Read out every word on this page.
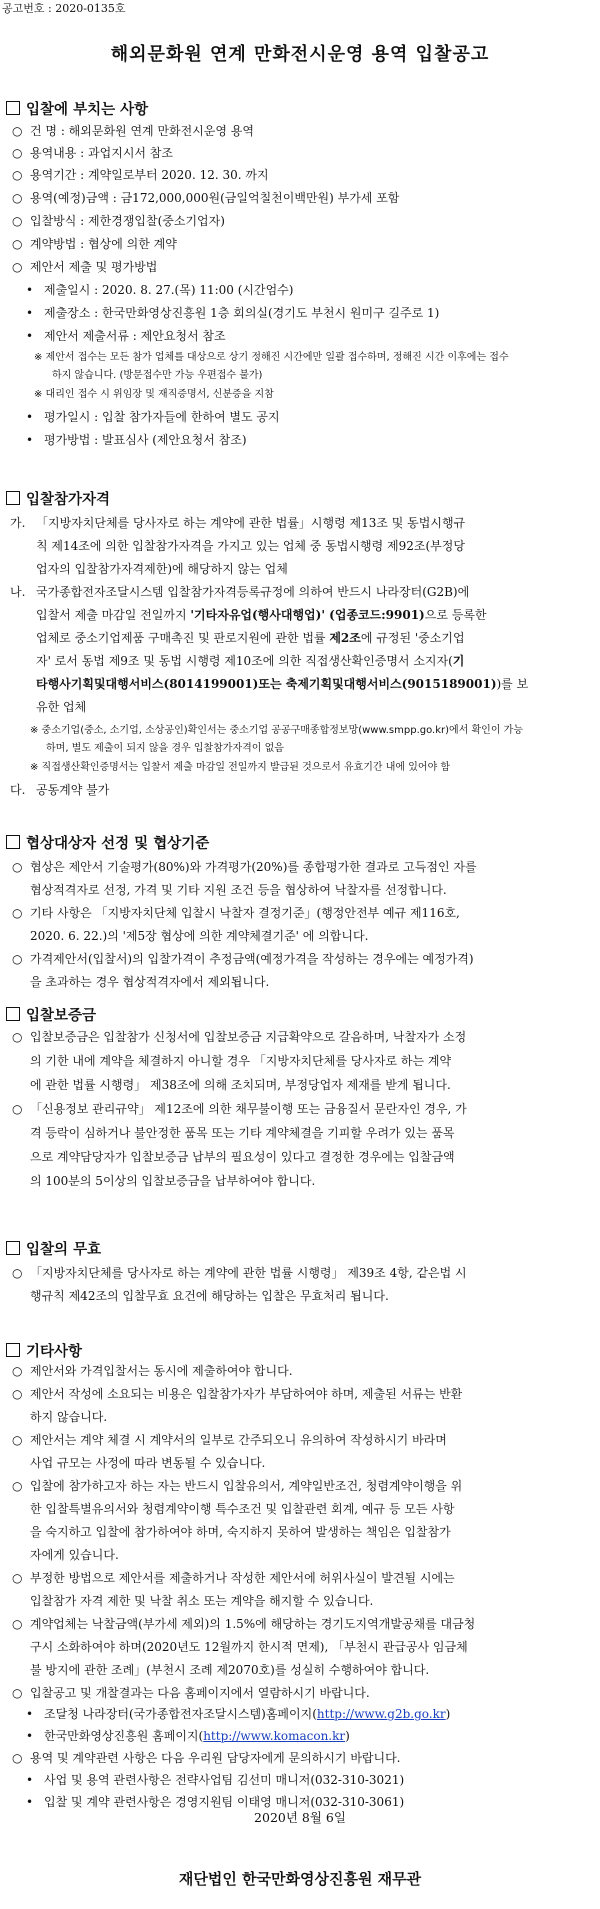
공고번호 : 2020-0135호
해외문화원 연계 만화전시운영 용역 입찰공고
입찰에 부치는 사항
○ 건 명 : 해외문화원 연계 만화전시운영 용역
○ 용역내용 : 과업지시서 참조
○ 용역기간 : 계약일로부터 2020. 12. 30. 까지
○ 용역(예정)금액 : 금172,000,000원(금일억칠천이백만원) 부가세 포함
○ 입찰방식 : 제한경쟁입찰(중소기업자)
○ 계약방법 : 협상에 의한 계약
○ 제안서 제출 및 평가방법
• 제출일시 : 2020. 8. 27.(목) 11:00 (시간엄수)
• 제출장소 : 한국만화영상진흥원 1층 회의실(경기도 부천시 원미구 길주로 1)
• 제안서 제출서류 : 제안요청서 참조
※ 제안서 접수는 모든 참가 업체를 대상으로 상기 정해진 시간에만 일괄 접수하며, 정해진 시간 이후에는 접수
하지 않습니다. (방문접수만 가능 우편접수 불가)
※ 대리인 접수 시 위임장 및 재직증명서, 신분증을 지참
• 평가일시 : 입찰 참가자들에 한하여 별도 공지
• 평가방법 : 발표심사 (제안요청서 참조)
입찰참가자격
가. 「지방자치단체를 당사자로 하는 계약에 관한 법률」시행령 제13조 및 동법시행규
칙 제14조에 의한 입찰참가자격을 가지고 있는 업체 중 동법시행령 제92조(부정당
업자의 입찰참가자격제한)에 해당하지 않는 업체
나. 국가종합전자조달시스템 입찰참가자격등록규정에 의하여 반드시 나라장터(G2B)에
입찰서 제출 마감일 전일까지 '기타자유업(행사대행업)' (업종코드:9901)으로 등록한
업체로 중소기업제품 구매촉진 및 판로지원에 관한 법률 제2조에 규정된 '중소기업
자' 로서 동법 제9조 및 동법 시행령 제10조에 의한 직접생산확인증명서 소지자(기
타행사기획및대행서비스(8014199001)또는 축제기획및대행서비스(9015189001))를 보
유한 업체
※ 중소기업(중소, 소기업, 소상공인)확인서는 중소기업 공공구매종합정보망(www.smpp.go.kr)에서 확인이 가능
하며, 별도 제출이 되지 않을 경우 입찰참가자격이 없음
※ 직접생산확인증명서는 입찰서 제출 마감일 전일까지 발급된 것으로서 유효기간 내에 있어야 함
다. 공동계약 불가
협상대상자 선정 및 협상기준
○ 협상은 제안서 기술평가(80%)와 가격평가(20%)를 종합평가한 결과로 고득점인 자를
협상적격자로 선정, 가격 및 기타 지원 조건 등을 협상하여 낙찰자를 선정합니다.
○ 기타 사항은 「지방자치단체 입찰시 낙찰자 결정기준」(행정안전부 예규 제116호,
2020. 6. 22.)의 '제5장 협상에 의한 계약체결기준' 에 의합니다.
○ 가격제안서(입찰서)의 입찰가격이 추정금액(예정가격을 작성하는 경우에는 예정가격)
을 초과하는 경우 협상적격자에서 제외됩니다.
입찰보증금
○ 입찰보증금은 입찰참가 신청서에 입찰보증금 지급확약으로 갈음하며, 낙찰자가 소정
의 기한 내에 계약을 체결하지 아니할 경우 「지방자치단체를 당사자로 하는 계약
에 관한 법률 시행령」 제38조에 의해 조치되며, 부정당업자 제재를 받게 됩니다.
○ 「신용정보 관리규약」 제12조에 의한 채무불이행 또는 금융질서 문란자인 경우, 가
격 등락이 심하거나 불안정한 품목 또는 기타 계약체결을 기피할 우려가 있는 품목
으로 계약담당자가 입찰보증금 납부의 필요성이 있다고 결정한 경우에는 입찰금액
의 100분의 5이상의 입찰보증금을 납부하여야 합니다.
입찰의 무효
○ 「지방자치단체를 당사자로 하는 계약에 관한 법률 시행령」 제39조 4항, 같은법 시
행규칙 제42조의 입찰무효 요건에 해당하는 입찰은 무효처리 됩니다.
기타사항
○ 제안서와 가격입찰서는 동시에 제출하여야 합니다.
○ 제안서 작성에 소요되는 비용은 입찰참가자가 부담하여야 하며, 제출된 서류는 반환
하지 않습니다.
○ 제안서는 계약 체결 시 계약서의 일부로 간주되오니 유의하여 작성하시기 바라며
사업 규모는 사정에 따라 변동될 수 있습니다.
○ 입찰에 참가하고자 하는 자는 반드시 입찰유의서, 계약일반조건, 청렴계약이행을 위
한 입찰특별유의서와 청렴계약이행 특수조건 및 입찰관련 회계, 예규 등 모든 사항
을 숙지하고 입찰에 참가하여야 하며, 숙지하지 못하여 발생하는 책임은 입찰참가
자에게 있습니다.
○ 부정한 방법으로 제안서를 제출하거나 작성한 제안서에 허위사실이 발견될 시에는
입찰참가 자격 제한 및 낙찰 취소 또는 계약을 해지할 수 있습니다.
○ 계약업체는 낙찰금액(부가세 제외)의 1.5%에 해당하는 경기도지역개발공채를 대금청
구시 소화하여야 하며(2020년도 12월까지 한시적 면제), 「부천시 관급공사 임금체
불 방지에 관한 조례」(부천시 조례 제2070호)를 성실히 수행하여야 합니다.
○ 입찰공고 및 개찰결과는 다음 홈페이지에서 열람하시기 바랍니다.
• 조달청 나라장터(국가종합전자조달시스템)홈페이지(http://www.g2b.go.kr)
• 한국만화영상진흥원 홈페이지(http://www.komacon.kr)
○ 용역 및 계약관련 사항은 다음 우리원 담당자에게 문의하시기 바랍니다.
• 사업 및 용역 관련사항은 전략사업팀 김선미 매니저(032-310-3021)
• 입찰 및 계약 관련사항은 경영지원팀 이태영 매니저(032-310-3061)
2020년 8월 6일
재단법인 한국만화영상진흥원 재무관
